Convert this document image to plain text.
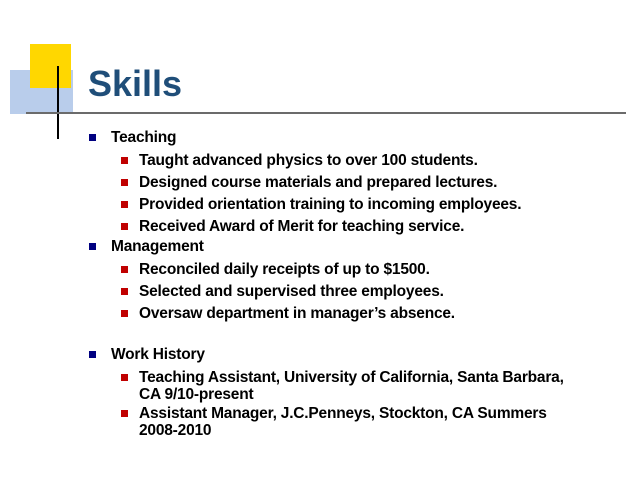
Skills
Teaching
Taught advanced physics to over 100 students.
Designed course materials and prepared lectures.
Provided orientation training to incoming employees.
Received Award of Merit for teaching service.
Management
Reconciled daily receipts of up to $1500.
Selected and supervised three employees.
Oversaw department in manager’s absence.
Work History
Teaching Assistant, University of California, Santa Barbara,
CA 9/10-present
Assistant Manager, J.C.Penneys, Stockton, CA Summers
2008-2010
